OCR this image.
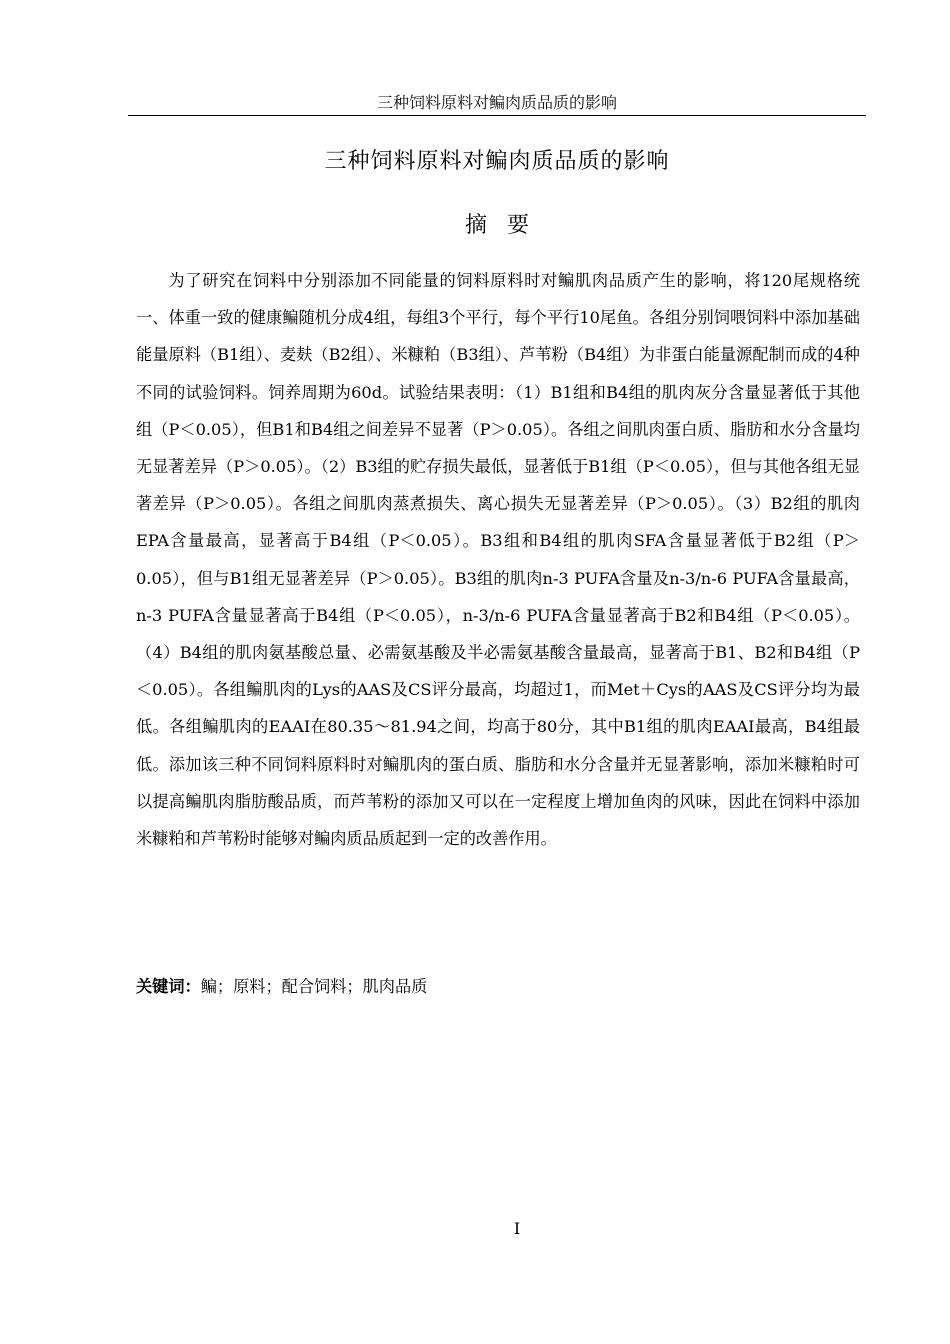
三种饲料原料对鳊肉质品质的影响
三种饲料原料对鳊肉质品质的影响
摘要

为了研究在饲料中分别添加不同能量的饲料原料时对鳊肌肉品质产生的影响，将120尾规格统一、体重一致的健康鳊随机分成4组，每组3个平行，每个平行10尾鱼。各组分别饲喂饲料中添加基础能量原料（B1组）、麦麸（B2组）、米糠粕（B3组）、芦苇粉（B4组）为非蛋白能量源配制而成的4种不同的试验饲料。饲养周期为60d。试验结果表明：（1）B1组和B4组的肌肉灰分含量显著低于其他组（P＜0.05），但B1和B4组之间差异不显著（P＞0.05）。各组之间肌肉蛋白质、脂肪和水分含量均无显著差异（P＞0.05）。（2）B3组的贮存损失最低，显著低于B1组（P＜0.05），但与其他各组无显著差异（P＞0.05）。各组之间肌肉蒸煮损失、离心损失无显著差异（P＞0.05）。（3）B2组的肌肉EPA含量最高，显著高于B4组（P＜0.05）。B3组和B4组的肌肉SFA含量显著低于B2组（P＞0.05），但与B1组无显著差异（P＞0.05）。B3组的肌肉n-3 PUFA含量及n-3/n-6 PUFA含量最高，n-3 PUFA含量显著高于B4组（P＜0.05），n-3/n-6 PUFA含量显著高于B2和B4组（P＜0.05）。（4）B4组的肌肉氨基酸总量、必需氨基酸及半必需氨基酸含量最高，显著高于B1、B2和B4组（P＜0.05）。各组鳊肌肉的Lys的AAS及CS评分最高，均超过1，而Met＋Cys的AAS及CS评分均为最低。各组鳊肌肉的EAAI在80.35～81.94之间，均高于80分，其中B1组的肌肉EAAI最高，B4组最低。添加该三种不同饲料原料时对鳊肌肉的蛋白质、脂肪和水分含量并无显著影响，添加米糠粕时可以提高鳊肌肉脂肪酸品质，而芦苇粉的添加又可以在一定程度上增加鱼肉的风味，因此在饲料中添加米糠粕和芦苇粉时能够对鳊肉质品质起到一定的改善作用。

关键词：鳊；原料；配合饲料；肌肉品质

I
